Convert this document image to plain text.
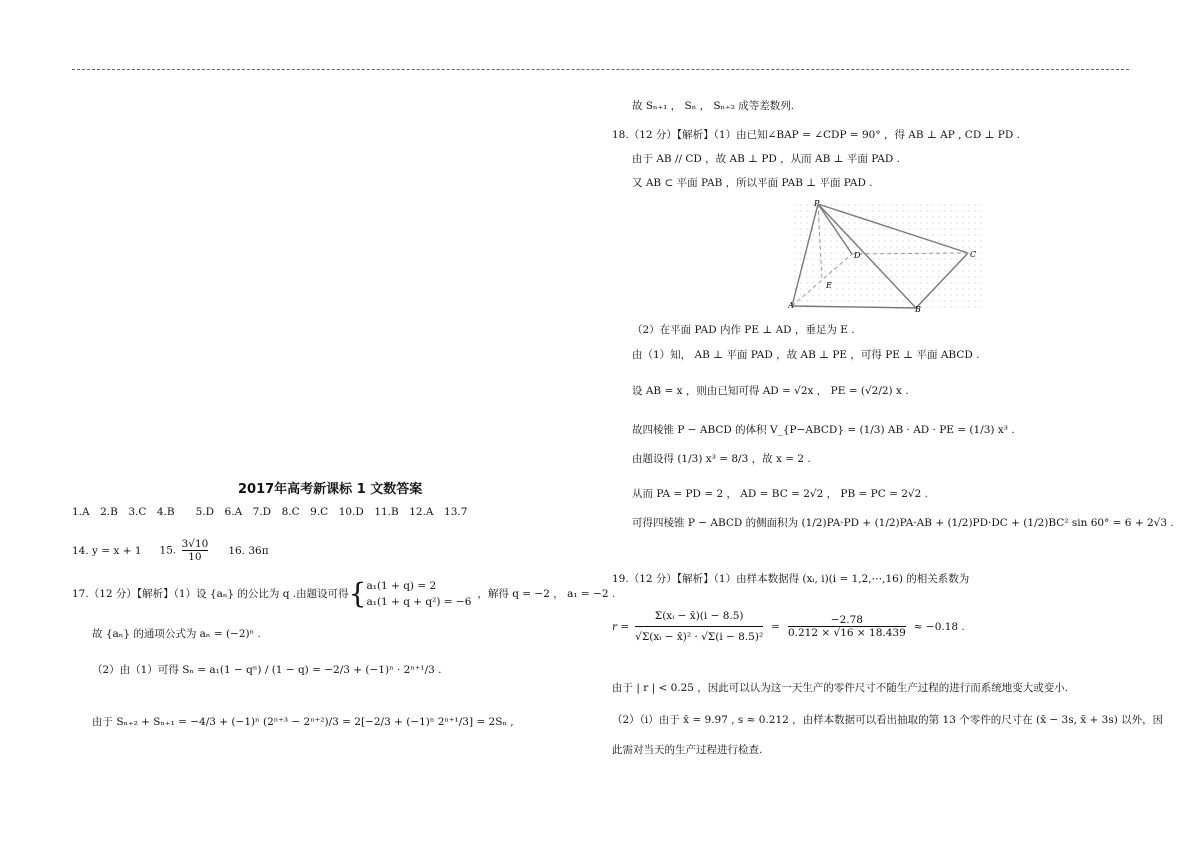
2017年高考新课标 1 文数答案
1.A　2.B　3.C　4.B　　5.D　6.A　7.D　8.C　9.C　10.D　11.B　12.A　13.7
14. y = x + 1 15. $\frac{3√10}{10} 16$. 36π
17.（12 分）【解析】（1）设 {aₙ} 的公比为 q .由题设可得 { a₁(1 + q) = 2
a₁(1 + q + q²) = −6
，解得 q = −2 ， a₁ = −2 .
故 {aₙ} 的通项公式为 aₙ = (−2)ⁿ .
（2）由（1）可得 Sₙ = a₁(1 − qⁿ) / (1 − q) = −2/3 + (−1)ⁿ · 2ⁿ⁺¹/3 .
由于 Sₙ₊₂ + Sₙ₊₁ = −4/3 + (−1)ⁿ (2ⁿ⁺³ − 2ⁿ⁺²)/3 = 2[−2/3 + (−1)ⁿ 2ⁿ⁺¹/3] = 2Sₙ ,
故 Sₙ₊₁ ， Sₙ ， Sₙ₊₂ 成等差数列.
18.（12 分）【解析】（1）由已知∠BAP = ∠CDP = 90° ，得 AB ⊥ AP , CD ⊥ PD .
由于 AB // CD ，故 AB ⊥ PD ，从而 AB ⊥ 平面 PAD .
又 AB ⊂ 平面 PAB ，所以平面 PAB ⊥ 平面 PAD .
P
A	B
C
D
E
（2）在平面 PAD 内作 PE ⊥ AD ，垂足为 E .
由（1）知， AB ⊥ 平面 PAD ，故 AB ⊥ PE ，可得 PE ⊥ 平面 ABCD .
设 AB = x ，则由已知可得 AD = √2x ， PE = (√2/2) x .
故四棱锥 P − ABCD 的体积 V_{P−ABCD} = (1/3) AB · AD · PE = (1/3) x³ .
由题设得 (1/3) x³ = 8/3 ，故 x = 2 .
从而 PA = PD = 2 ， AD = BC = 2√2 ， PB = PC = 2√2 .
可得四棱锥 P − ABCD 的侧面积为 (1/2)PA·PD + (1/2)PA·AB + (1/2)PD·DC + (1/2)BC² sin 60° = 6 + 2√3 .
19.（12 分）【解析】（1）由样本数据得 (xᵢ, i)(i = 1,2,⋯,16) 的相关系数为
$r = \frac{\text{Σ(xᵢ − x̄)(i − 8.5)}}{\text{√Σ(xᵢ − x̄)² · √Σ(i − 8.5)²}} = \frac{-2.78}{0.212 \times √16 \times 18.439} \approx -0.18$ .
由于 | r | < 0.25 ，因此可以认为这一天生产的零件尺寸不随生产过程的进行而系统地变大或变小.
（2）（i）由于 x̄ = 9.97 , s ≈ 0.212 ，由样本数据可以看出抽取的第 13 个零件的尺寸在 (x̄ − 3s, x̄ + 3s) 以外，因
此需对当天的生产过程进行检查.
